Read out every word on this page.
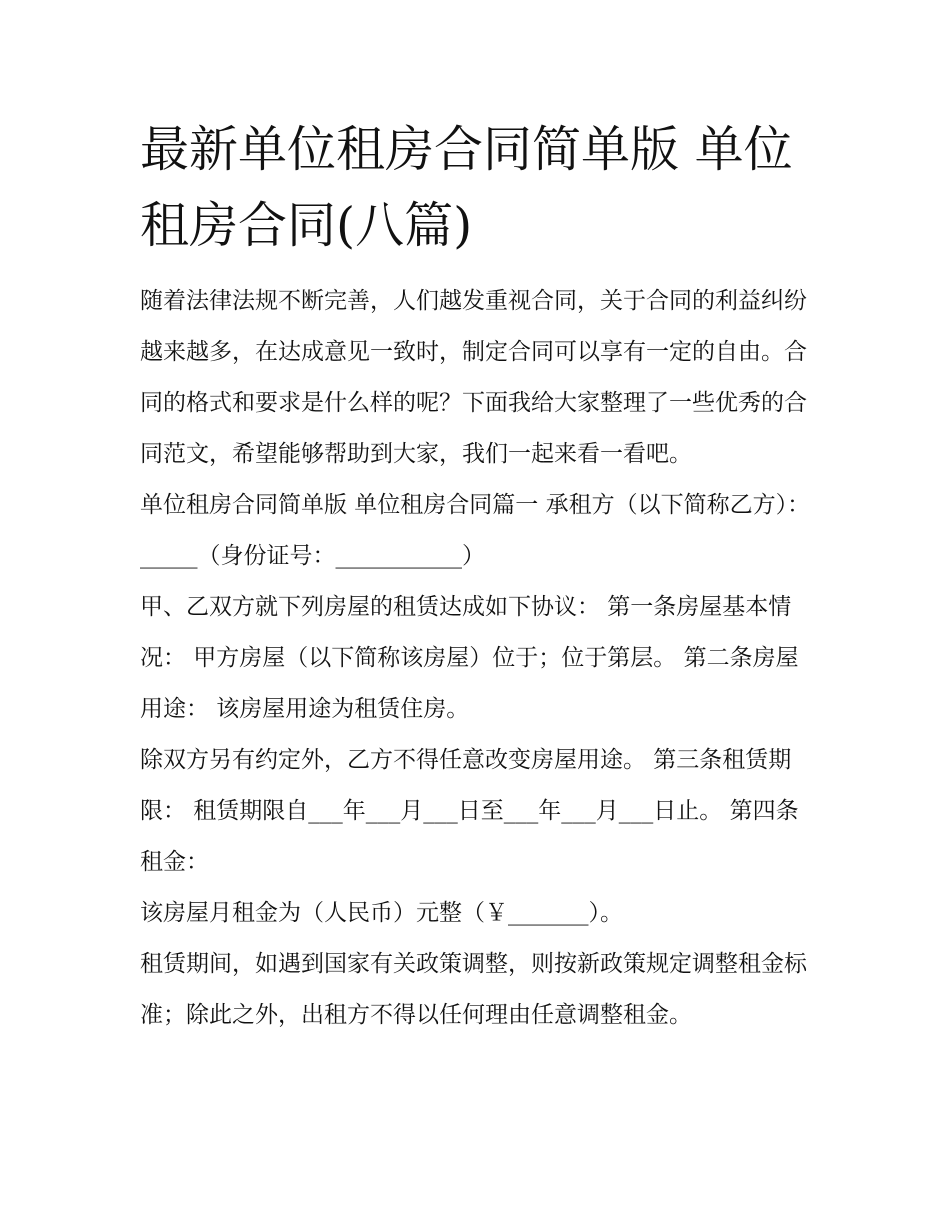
最新单位租房合同简单版 单位租房合同(八篇)

随着法律法规不断完善，人们越发重视合同，关于合同的利益纠纷越来越多，在达成意见一致时，制定合同可以享有一定的自由。合同的格式和要求是什么样的呢？下面我给大家整理了一些优秀的合同范文，希望能够帮助到大家，我们一起来看一看吧。

单位租房合同简单版 单位租房合同篇一 承租方（以下简称乙方）：_____（身份证号：___________）

甲、乙双方就下列房屋的租赁达成如下协议： 第一条房屋基本情况： 甲方房屋（以下简称该房屋）位于；位于第层。 第二条房屋用途： 该房屋用途为租赁住房。

除双方另有约定外，乙方不得任意改变房屋用途。 第三条租赁期限： 租赁期限自___年___月___日至___年___月___日止。 第四条租金：

该房屋月租金为（人民币）元整（￥_______）。

租赁期间，如遇到国家有关政策调整，则按新政策规定调整租金标准；除此之外，出租方不得以任何理由任意调整租金。
